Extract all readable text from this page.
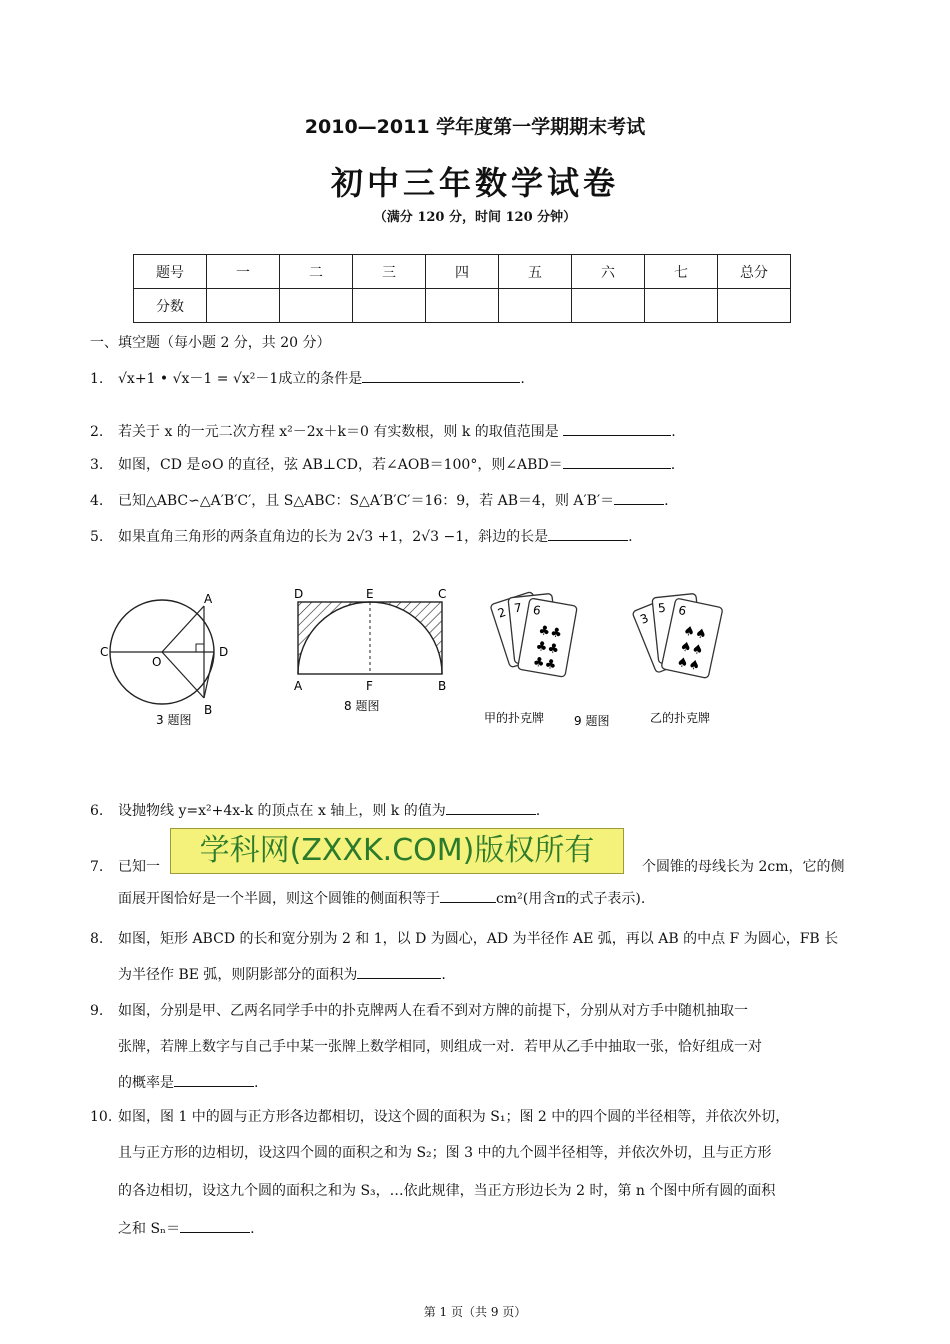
2010—2011 学年度第一学期期末考试
初中三年数学试卷
（满分 120 分，时间 120 分钟）
题号	一	二	三	四	五	六	七	总分
分数								
一、填空题（每小题 2 分，共 20 分）
1. √x+1 • √x－1 = √x²－1成立的条件是	.
2. 若关于 x 的一元二次方程 x²－2x＋k＝0 有实数根，则 k 的取值范围是	.
3. 如图，CD 是⊙O 的直径，弦 AB⊥CD，若∠AOB＝100°，则∠ABD＝	.
4. 已知△ABC∽△A′B′C′，且 S△ABC：S△A′B′C′＝16：9，若 AB＝4，则 A′B′＝	.
5. 如果直角三角形的两条直角边的长为 2√3 +1，2√3 −1，斜边的长是	.
A
B
C	D
O
3 题图
D	E	C
A	F	B
8 题图
2 7 6
♣
♣
♣
♣
♣
♣
3
5 6
♠
♠
♠
♠
♠
♠
甲的扑克牌 9 题图	乙的扑克牌
6. 设抛物线 y=x²+4x-k 的顶点在 x 轴上，则 k 的值为	.
7. 已知一	个圆锥的母线长为 2cm，它的侧
面展开图恰好是一个半圆，则这个圆锥的侧面积等于	cm²(用含π的式子表示).
学科网(ZXXK.COM)版权所有
8. 如图，矩形 ABCD 的长和宽分别为 2 和 1，以 D 为圆心，AD 为半径作 AE 弧，再以 AB 的中点 F 为圆心，FB 长
为半径作 BE 弧，则阴影部分的面积为	.
9. 如图，分别是甲、乙两名同学手中的扑克牌两人在看不到对方牌的前提下，分别从对方手中随机抽取一
张牌，若牌上数字与自己手中某一张牌上数学相同，则组成一对．若甲从乙手中抽取一张，恰好组成一对
的概率是	.
10. 如图，图 1 中的圆与正方形各边都相切，设这个圆的面积为 S₁；图 2 中的四个圆的半径相等，并依次外切，
且与正方形的边相切，设这四个圆的面积之和为 S₂；图 3 中的九个圆半径相等，并依次外切，且与正方形
的各边相切，设这九个圆的面积之和为 S₃，…依此规律，当正方形边长为 2 时，第 n 个图中所有圆的面积
之和 Sₙ＝	.
第 1 页（共 9 页）
